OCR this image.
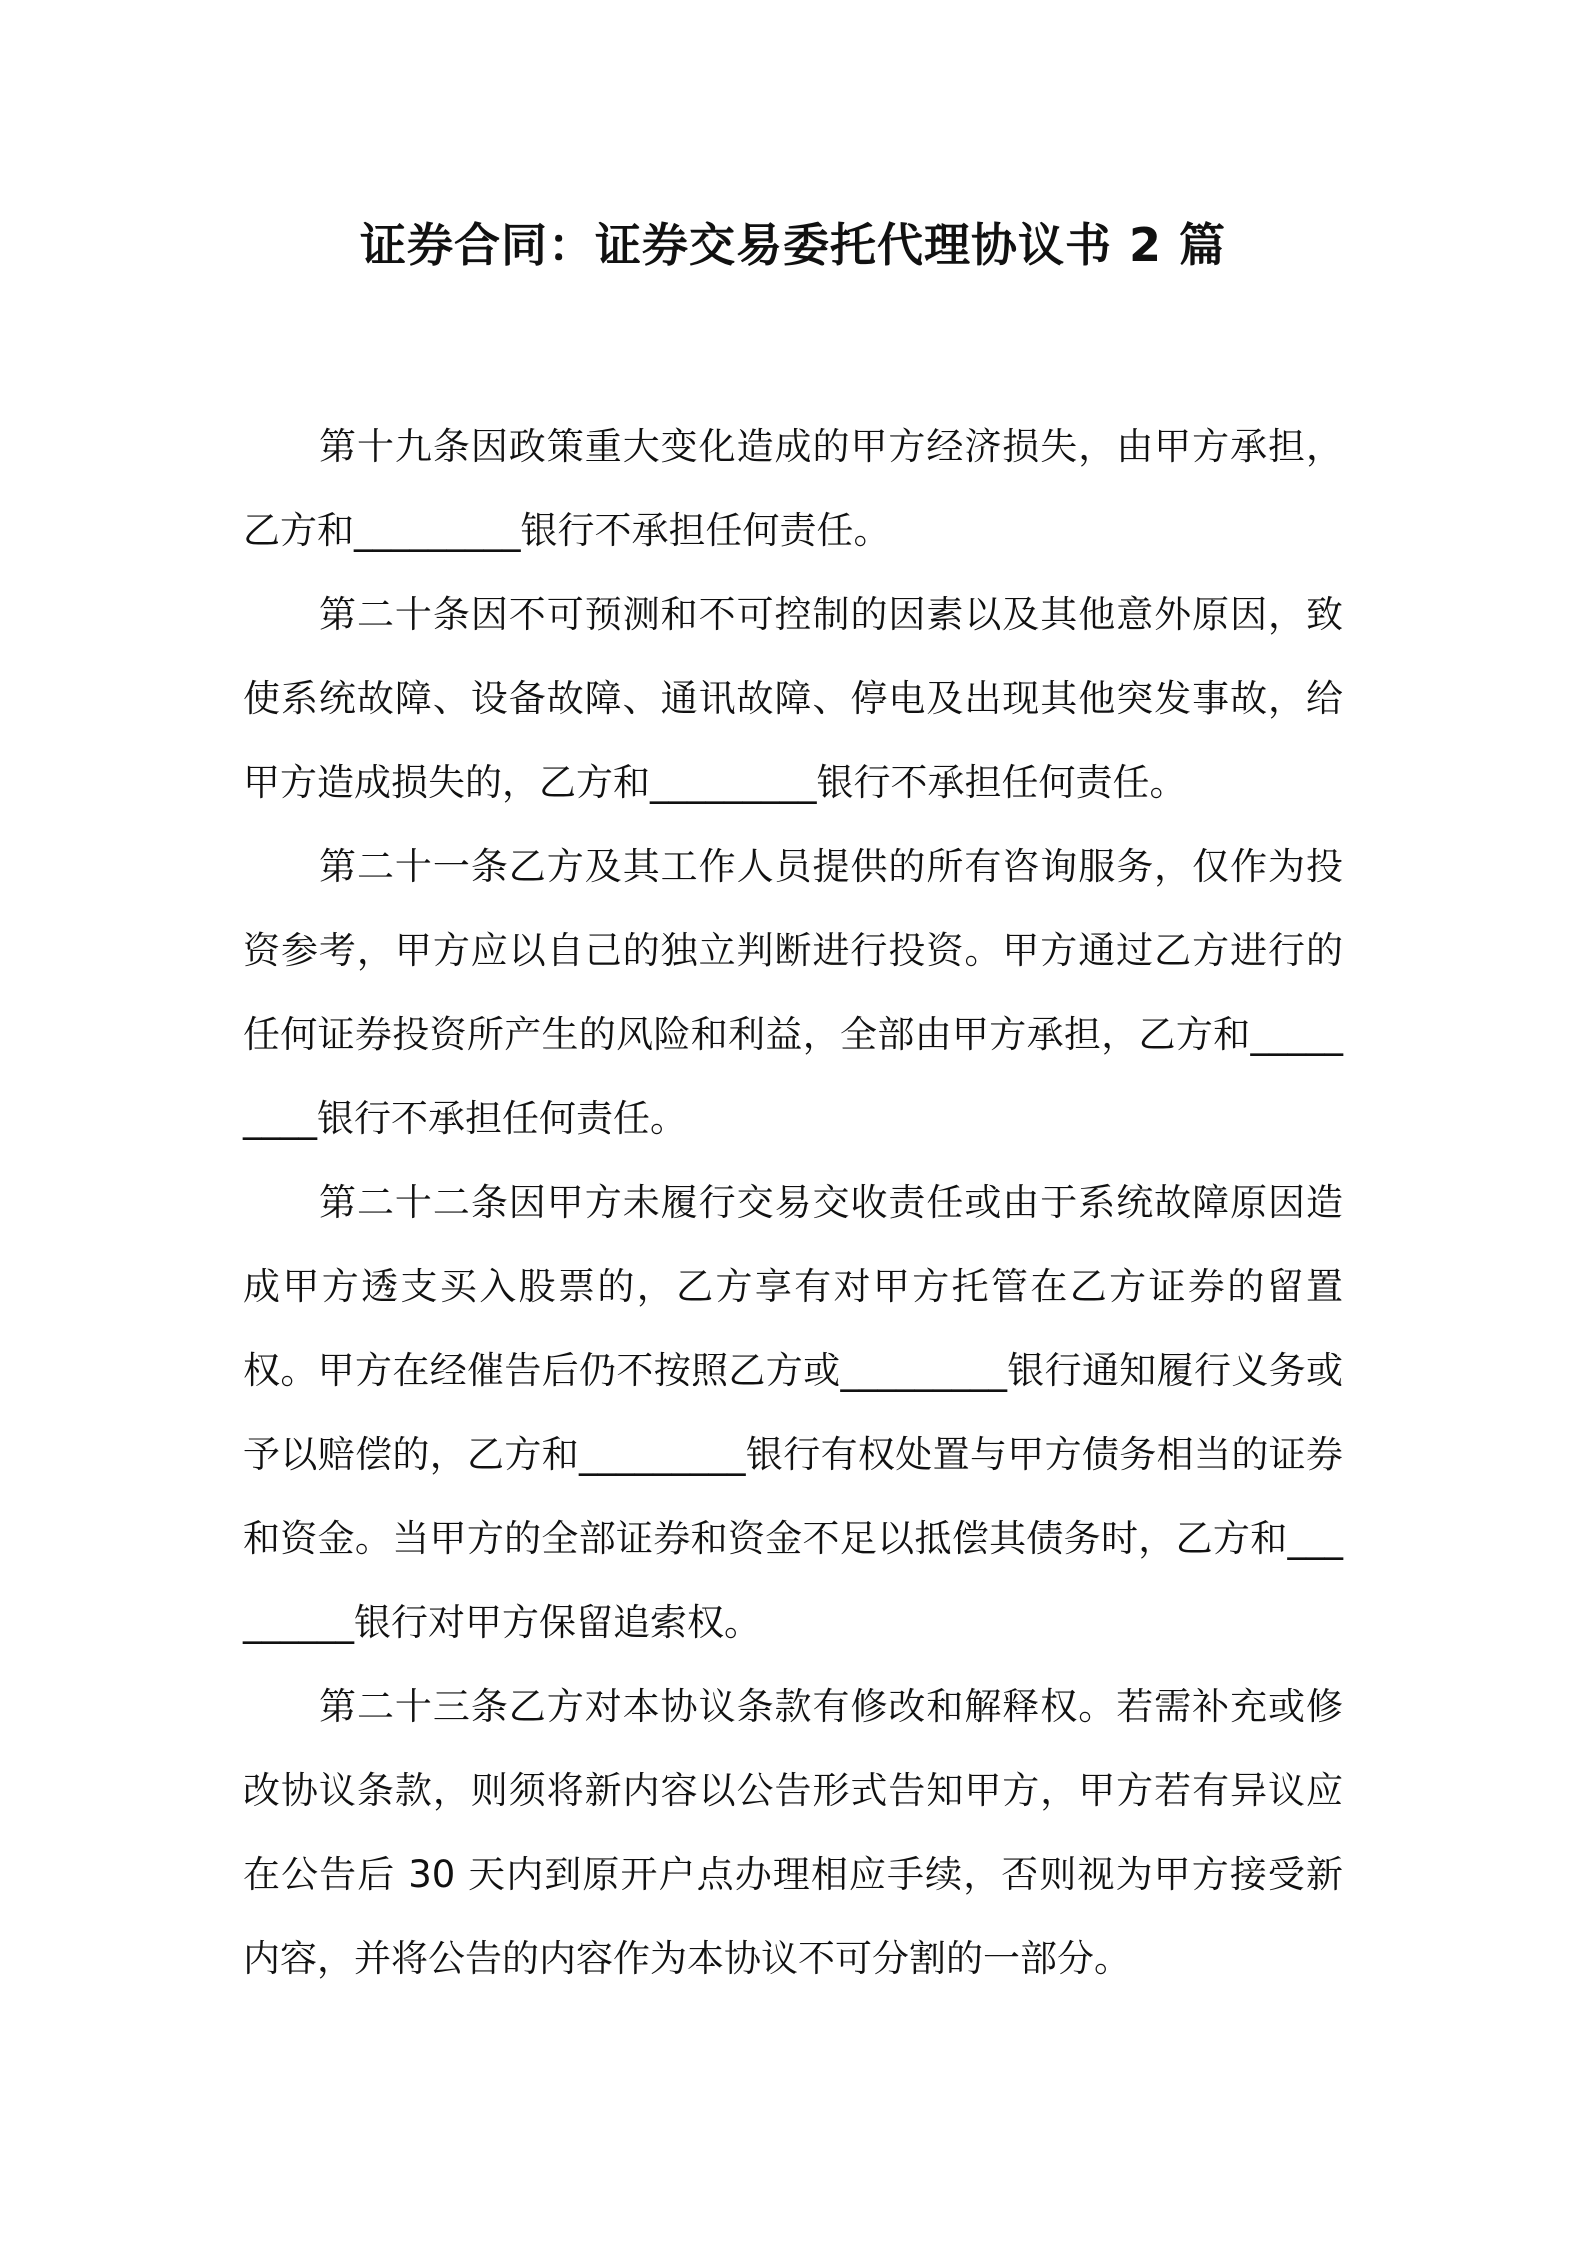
证券合同：证券交易委托代理协议书 2 篇

第十九条因政策重大变化造成的甲方经济损失，由甲方承担，乙方和_________银行不承担任何责任。

第二十条因不可预测和不可控制的因素以及其他意外原因，致使系统故障、设备故障、通讯故障、停电及出现其他突发事故，给甲方造成损失的，乙方和_________银行不承担任何责任。

第二十一条乙方及其工作人员提供的所有咨询服务，仅作为投资参考，甲方应以自己的独立判断进行投资。甲方通过乙方进行的任何证券投资所产生的风险和利益，全部由甲方承担，乙方和_________银行不承担任何责任。

第二十二条因甲方未履行交易交收责任或由于系统故障原因造成甲方透支买入股票的，乙方享有对甲方托管在乙方证券的留置权。甲方在经催告后仍不按照乙方或_________银行通知履行义务或予以赔偿的，乙方和_________银行有权处置与甲方债务相当的证券和资金。当甲方的全部证券和资金不足以抵偿其债务时，乙方和_________银行对甲方保留追索权。

第二十三条乙方对本协议条款有修改和解释权。若需补充或修改协议条款，则须将新内容以公告形式告知甲方，甲方若有异议应在公告后 30 天内到原开户点办理相应手续，否则视为甲方接受新内容，并将公告的内容作为本协议不可分割的一部分。
